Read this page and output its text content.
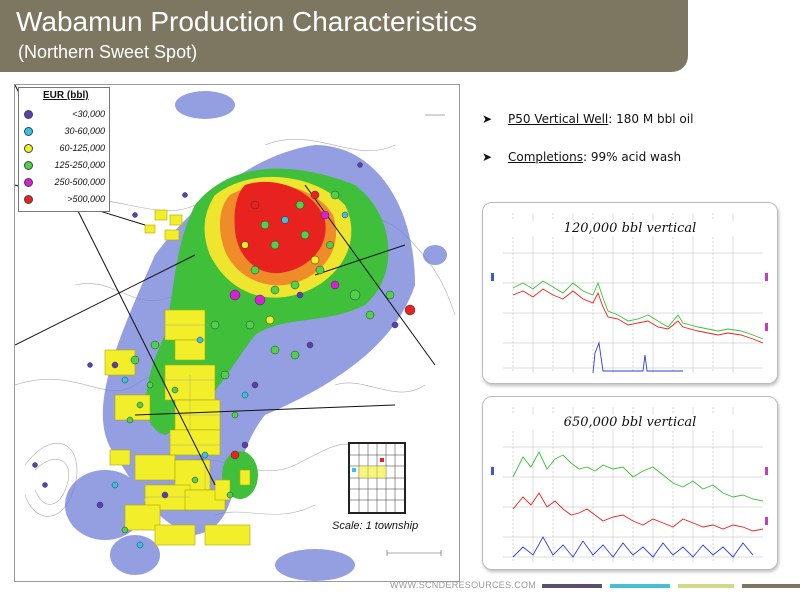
Wabamun Production Characteristics
(Northern Sweet Spot)
EUR (bbl)
<30,000
30-60,000
60-125,000
125-250,000
250-500,000
>500,000
Scale: 1 township
➤ P50 Vertical Well: 180 M bbl oil
➤ Completions: 99% acid wash
120,000 bbl vertical
650,000 bbl vertical
WWW.SCNDERESOURCES.COM
